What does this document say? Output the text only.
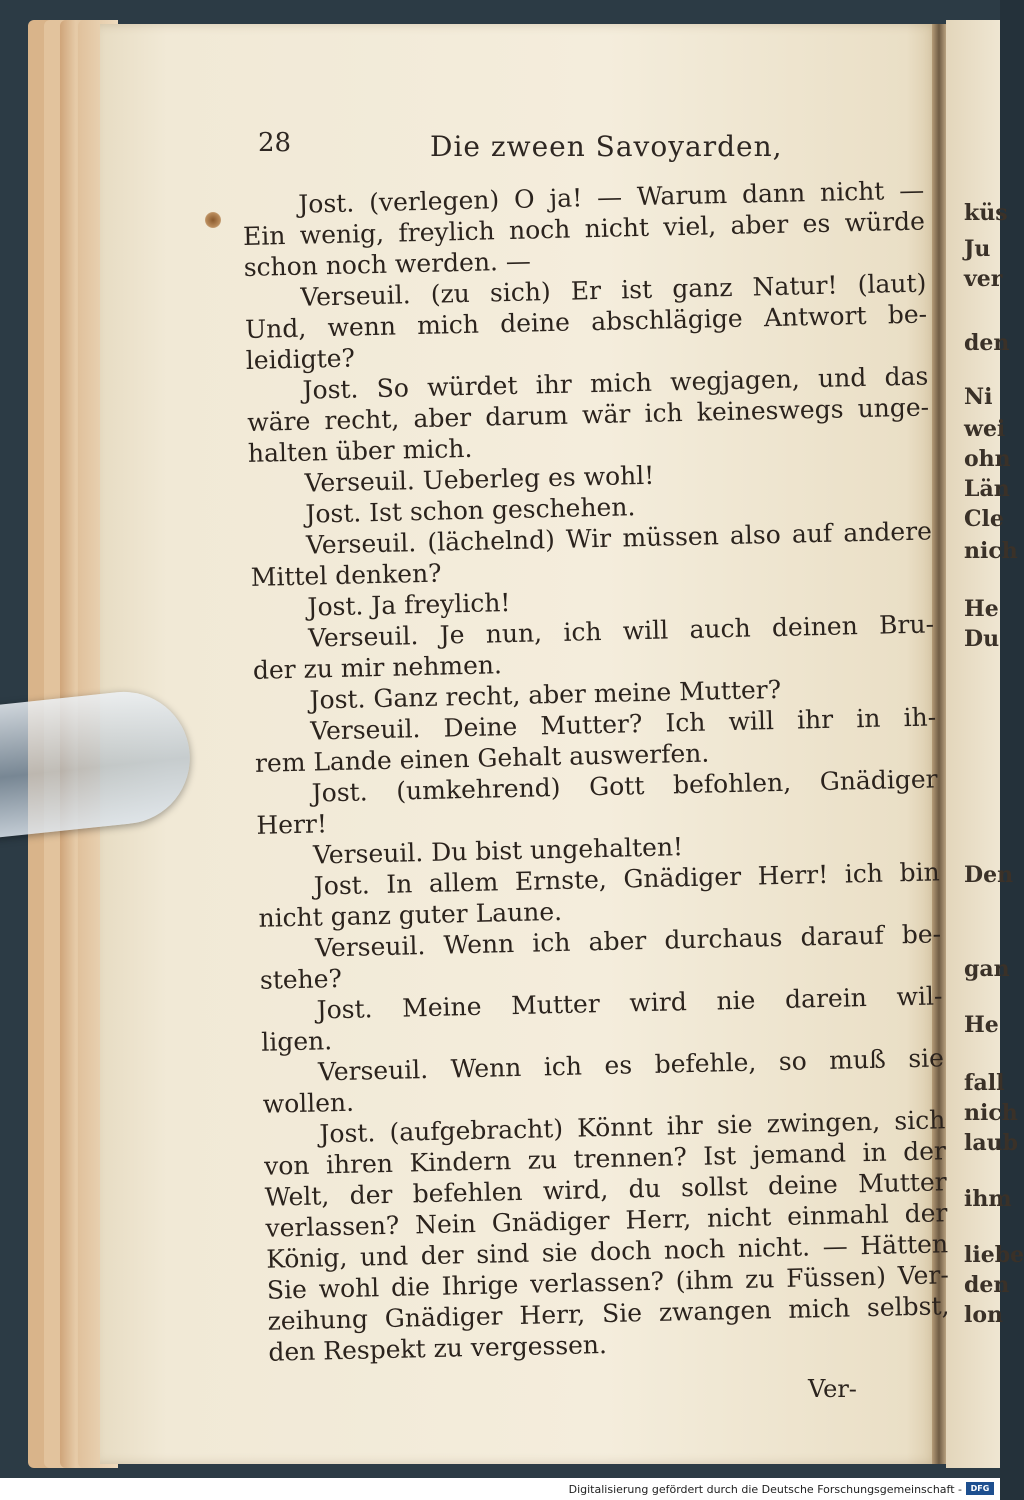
küs
Ju
ver
den
Ni
wei
ohn
Län
Cle
nich
He
Du
Den
gan
He
fall
nich
laub
ihm
liebe
den
lon
28	Die zween Savoyarden,
Jost. (verlegen) O ja! — Warum dann nicht —
Ein wenig, freylich noch nicht viel, aber es würde
schon noch werden. —
Verseuil. (zu sich) Er ist ganz Natur! (laut)
Und, wenn mich deine abschlägige Antwort be-
leidigte?
Jost. So würdet ihr mich wegjagen, und das
wäre recht, aber darum wär ich keineswegs unge-
halten über mich.
Verseuil. Ueberleg es wohl!
Jost. Ist schon geschehen.
Verseuil. (lächelnd) Wir müssen also auf andere
Mittel denken?
Jost. Ja freylich!
Verseuil. Je nun, ich will auch deinen Bru-
der zu mir nehmen.
Jost. Ganz recht, aber meine Mutter?
Verseuil. Deine Mutter? Ich will ihr in ih-
rem Lande einen Gehalt auswerfen.
Jost. (umkehrend) Gott befohlen, Gnädiger
Herr!
Verseuil. Du bist ungehalten!
Jost. In allem Ernste, Gnädiger Herr! ich bin
nicht ganz guter Laune.
Verseuil. Wenn ich aber durchaus darauf be-
stehe?
Jost. Meine Mutter wird nie darein wil-
ligen.
Verseuil. Wenn ich es befehle, so muß sie
wollen.
Jost. (aufgebracht) Könnt ihr sie zwingen, sich
von ihren Kindern zu trennen? Ist jemand in der
Welt, der befehlen wird, du sollst deine Mutter
verlassen? Nein Gnädiger Herr, nicht einmahl der
König, und der sind sie doch noch nicht. — Hätten
Sie wohl die Ihrige verlassen? (ihm zu Füssen) Ver-
zeihung Gnädiger Herr, Sie zwangen mich selbst,
den Respekt zu vergessen.
Ver-
Digitalisierung gefördert durch die Deutsche Forschungsgemeinschaft -	DFG
